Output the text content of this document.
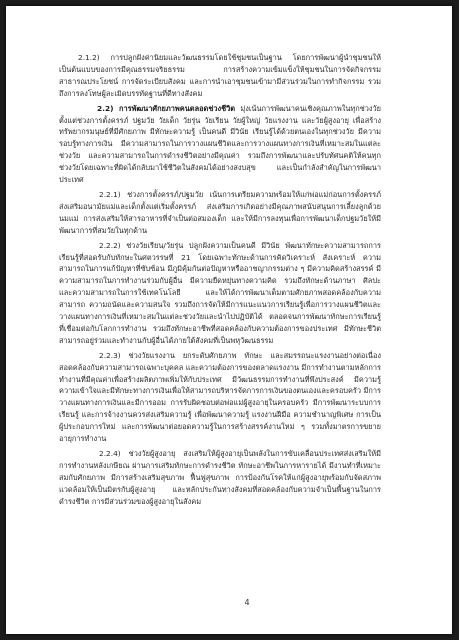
2.1.2) การปลูกฝังค่านิยมและวัฒนธรรมโดยใช้ชุมชนเป็นฐาน โดยการพัฒนาผู้นำชุมชนให้เป็นต้นแบบของการมีคุณธรรมจริยธรรม การสร้างความเข้มแข็งให้ชุมชนในการจัดกิจกรรมสาธารณประโยชน์ การจัดระเบียบสังคม และการนำเอาชุมชนเข้ามามีส่วนร่วมในการทำกิจกรรม รวมถึงการลงโทษผู้ละเมิดบรรทัดฐานที่ดีทางสังคม

2.2) การพัฒนาศักยภาพคนตลอดช่วงชีวิต มุ่งเน้นการพัฒนาคนเชิงคุณภาพในทุกช่วงวัย ตั้งแต่ช่วงการตั้งครรภ์ ปฐมวัย วัยเด็ก วัยรุ่น วัยเรียน วัยผู้ใหญ่ วัยแรงงาน และวัยผู้สูงอายุ เพื่อสร้างทรัพยากรมนุษย์ที่มีศักยภาพ มีทักษะความรู้ เป็นคนดี มีวินัย เรียนรู้ได้ด้วยตนเองในทุกช่วงวัย มีความรอบรู้ทางการเงิน มีความสามารถในการวางแผนชีวิตและการวางแผนทางการเงินที่เหมาะสมในแต่ละช่วงวัย และความสามารถในการดำรงชีวิตอย่างมีคุณค่า รวมถึงการพัฒนาและปรับทัศนคติให้คนทุกช่วงวัยโดยเฉพาะที่ผิดได้กลับมาใช้ชีวิตในสังคมได้อย่างสงบสุข และเป็นกำลังสำคัญในการพัฒนาประเทศ

2.2.1) ช่วงการตั้งครรภ์/ปฐมวัย เน้นการเตรียมความพร้อมให้แก่พ่อแม่ก่อนการตั้งครรภ์ ส่งเสริมอนามัยแม่และเด็กตั้งแต่เริ่มตั้งครรภ์ ส่งเสริมการเกิดอย่างมีคุณภาพสนับสนุนการเลี้ยงลูกด้วยนมแม่ การส่งเสริมให้สารอาหารที่จำเป็นต่อสมองเด็ก และให้มีการลงทุนเพื่อการพัฒนาเด็กปฐมวัยให้มีพัฒนาการที่สมวัยในทุกด้าน

2.2.2) ช่วงวัยเรียน/วัยรุ่น ปลูกฝังความเป็นคนดี มีวินัย พัฒนาทักษะความสามารถการเรียนรู้ที่สอดรับกับทักษะในศตวรรษที่ 21 โดยเฉพาะทักษะด้านการคิดวิเคราะห์ สังเคราะห์ ความสามารถในการแก้ปัญหาที่ซับซ้อน มีภูมิคุ้มกันต่อปัญหาหรืออาชญากรรมต่าง ๆ มีความคิดสร้างสรรค์ มีความสามารถในการทำงานร่วมกับผู้อื่น มีความยืดหยุ่นทางความคิด รวมถึงทักษะด้านภาษา ศิลปะ และความสามารถในการใช้เทคโนโลยี และให้ได้การพัฒนาเต็มตามศักยภาพสอดคล้องกับความสามารถ ความถนัดและความสนใจ รวมถึงการจัดให้มีการแนะแนวการเรียนรู้เพื่อการวางแผนชีวิตและวางแผนทางการเงินที่เหมาะสมในแต่ละช่วงวัยและนำไปปฏิบัติได้ ตลอดจนการพัฒนาทักษะการเรียนรู้ที่เชื่อมต่อกับโลกการทำงาน รวมถึงทักษะอาชีพที่สอดคล้องกับความต้องการของประเทศ มีทักษะชีวิต สามารถอยู่ร่วมและทำงานกับผู้อื่นได้ภายใต้สังคมที่เป็นพหุวัฒนธรรม

2.2.3) ช่วงวัยแรงงาน ยกระดับศักยภาพ ทักษะ และสมรรถนะแรงงานอย่างต่อเนื่องสอดคล้องกับความสามารถเฉพาะบุคคล และความต้องการของตลาดแรงงาน มีการทำงานตามหลักการทำงานที่มีคุณค่าเพื่อสร้างผลิตภาพเพิ่มให้กับประเทศ มีวัฒนธรรมการทำงานที่พึงประสงค์ มีความรู้ความเข้าใจและมีทักษะทางการเงินเพื่อให้สามารถบริหารจัดการการเงินของตนเองและครอบครัว มีการวางแผนทางการเงินและมีการออม การรับผิดชอบต่อพ่อแม่ผู้สูงอายุในครอบครัว มีการพัฒนาระบบการเรียนรู้ และการจ้างงานควรส่งเสริมความรู้ เพื่อพัฒนาความรู้ แรงงานฝีมือ ความชำนาญพิเศษ การเป็นผู้ประกอบการใหม่ และการพัฒนาต่อยอดความรู้ในการสร้างสรรค์งานใหม่ ๆ รวมทั้งมาตรการขยายอายุการทำงาน

2.2.4) ช่วงวัยผู้สูงอายุ ส่งเสริมให้ผู้สูงอายุเป็นพลังในการขับเคลื่อนประเทศส่งเสริมให้มีการทำงานหลังเกษียณ ผ่านการเสริมทักษะการดำรงชีวิต ทักษะอาชีพในการหารายได้ มีงานทำที่เหมาะสมกับศักยภาพ มีการสร้างเสริมสุขภาพ ฟื้นฟูสุขภาพ การป้องกันโรคให้แก่ผู้สูงอายุพร้อมกับจัดสภาพแวดล้อมให้เป็นมิตรกับผู้สูงอายุ และหลักประกันทางสังคมที่สอดคล้องกับความจำเป็นพื้นฐานในการดำรงชีวิต การมีส่วนร่วมของผู้สูงอายุในสังคม

4
